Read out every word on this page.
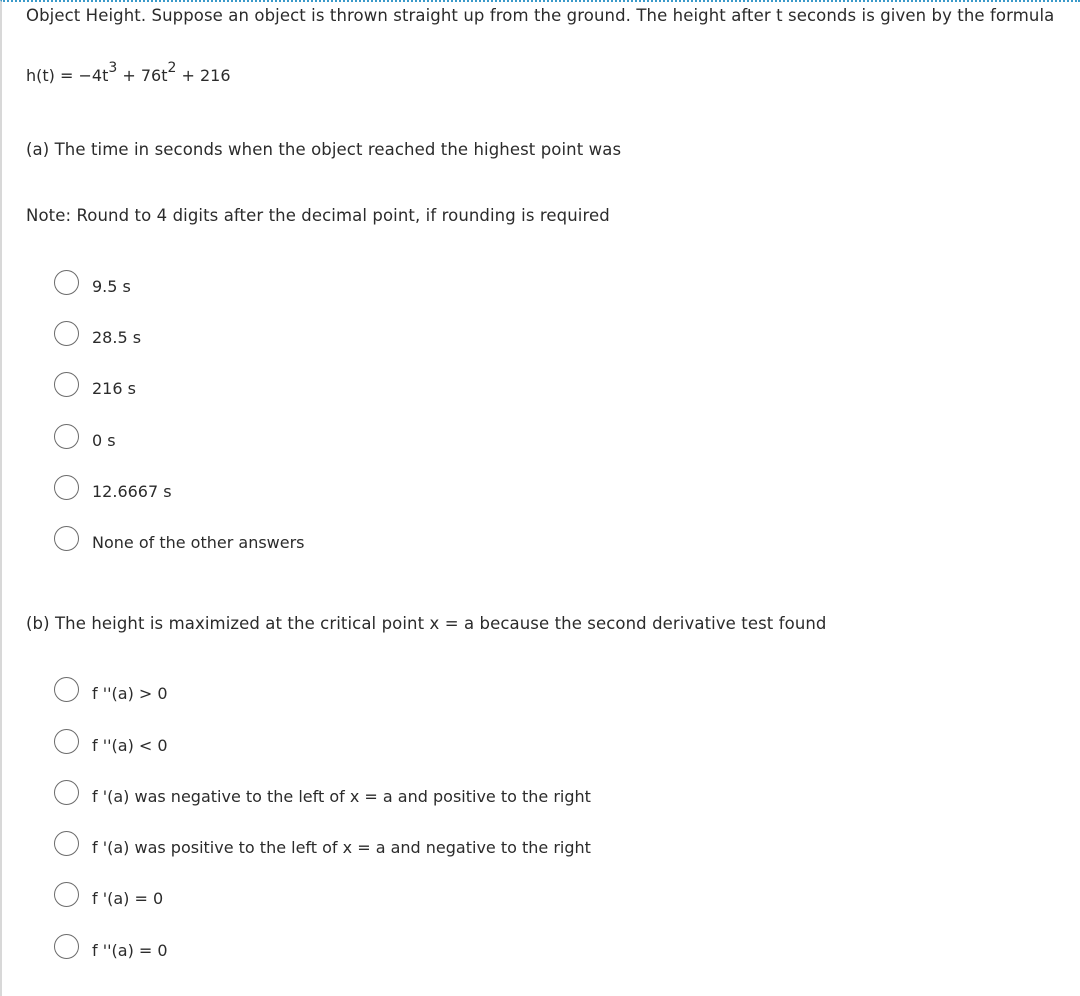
Object Height. Suppose an object is thrown straight up from the ground. The height after t seconds is given by the formula
$h(t) = -4t^3 + 76t^2 + 216$
(a) The time in seconds when the object reached the highest point was
Note: Round to 4 digits after the decimal point, if rounding is required
9.5 s
28.5 s
216 s
0 s
12.6667 s
None of the other answers
(b) The height is maximized at the critical point x = a because the second derivative test found
f ''(a) > 0
f ''(a) < 0
f '(a) was negative to the left of x = a and positive to the right
f '(a) was positive to the left of x = a and negative to the right
f '(a) = 0
f ''(a) = 0
